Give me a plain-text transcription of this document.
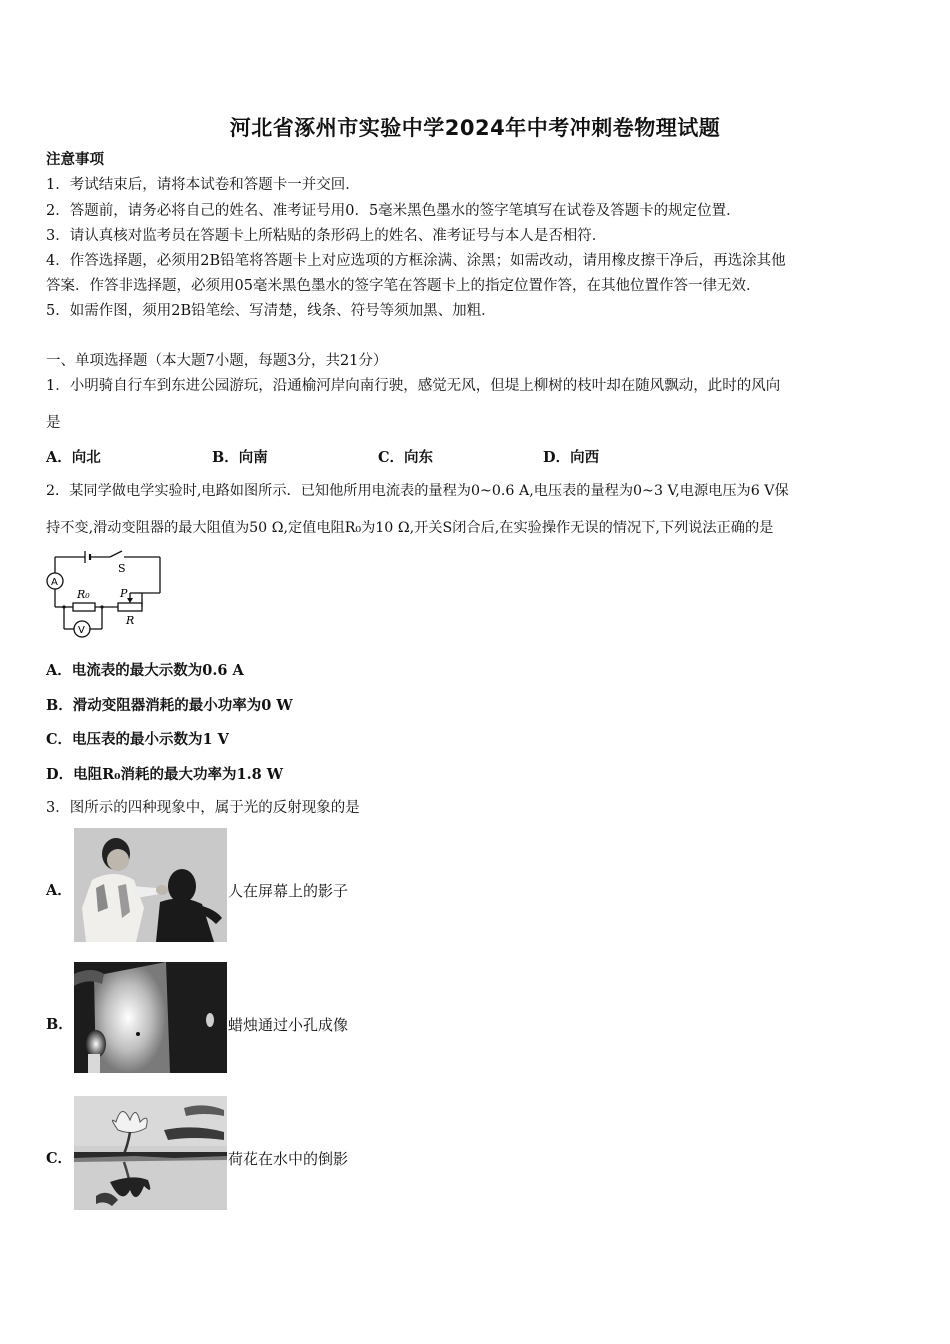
河北省涿州市实验中学2024年中考冲刺卷物理试题
注意事项
1．考试结束后，请将本试卷和答题卡一并交回．
2．答题前，请务必将自己的姓名、准考证号用0．5毫米黑色墨水的签字笔填写在试卷及答题卡的规定位置．
3．请认真核对监考员在答题卡上所粘贴的条形码上的姓名、准考证号与本人是否相符．
4．作答选择题，必须用2B铅笔将答题卡上对应选项的方框涂满、涂黑；如需改动，请用橡皮擦干净后，再选涂其他
答案．作答非选择题，必须用05毫米黑色墨水的签字笔在答题卡上的指定位置作答，在其他位置作答一律无效．
5．如需作图，须用2B铅笔绘、写清楚，线条、符号等须加黑、加粗．
一、单项选择题（本大题7小题，每题3分，共21分）
1．小明骑自行车到东进公园游玩，沿通榆河岸向南行驶，感觉无风，但堤上柳树的枝叶却在随风飘动，此时的风向
是
A．向北	B．向南	C．向东	D．向西
2．某同学做电学实验时,电路如图所示．已知他所用电流表的量程为0~0.6 A,电压表的量程为0~3 V,电源电压为6 V保
持不变,滑动变阻器的最大阻值为50 Ω,定值电阻R₀为10 Ω,开关S闭合后,在实验操作无误的情况下,下列说法正确的是
S
A
V
R₀	P
R
A．电流表的最大示数为0.6 A
B．滑动变阻器消耗的最小功率为0 W
C．电压表的最小示数为1 V
D．电阻R₀消耗的最大功率为1.8 W
3．图所示的四种现象中，属于光的反射现象的是
A．	人在屏幕上的影子
B．	蜡烛通过小孔成像
C．	荷花在水中的倒影
